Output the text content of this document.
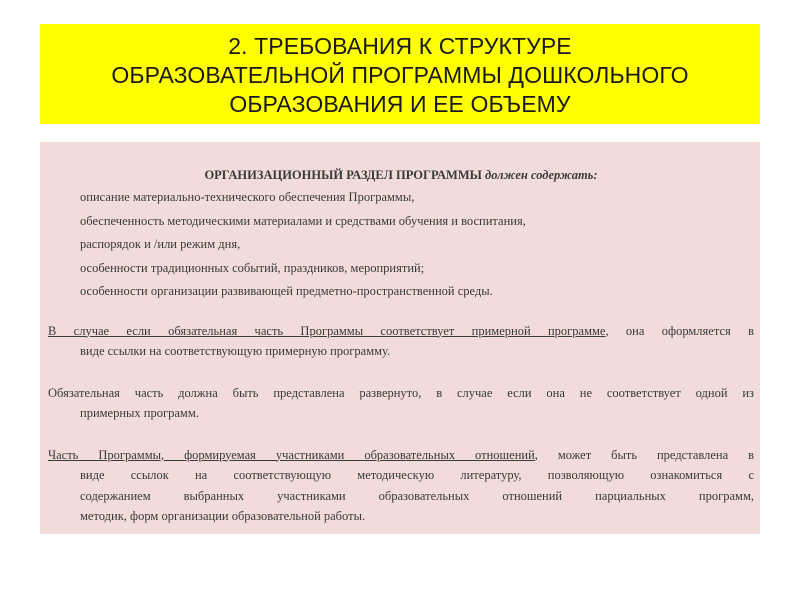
2. ТРЕБОВАНИЯ К СТРУКТУРЕ
ОБРАЗОВАТЕЛЬНОЙ ПРОГРАММЫ ДОШКОЛЬНОГО
ОБРАЗОВАНИЯ И ЕЕ ОБЪЕМУ

ОРГАНИЗАЦИОННЫЙ РАЗДЕЛ ПРОГРАММЫ должен содержать:

описание материально-технического обеспечения Программы,
обеспеченность методическими материалами и средствами обучения и воспитания,
распорядок и /или режим дня,
особенности традиционных событий, праздников, мероприятий;
особенности организации развивающей предметно-пространственной среды.

В случае если обязательная часть Программы соответствует примерной программе, она оформляется в
виде ссылки на соответствующую примерную программу.

Обязательная часть должна быть представлена развернуто, в случае если она не соответствует одной из
примерных программ.

Часть Программы, формируемая участниками образовательных отношений, может быть представлена в
виде ссылок на соответствующую методическую литературу, позволяющую ознакомиться с
содержанием выбранных участниками образовательных отношений парциальных программ,
методик, форм организации образовательной работы.
